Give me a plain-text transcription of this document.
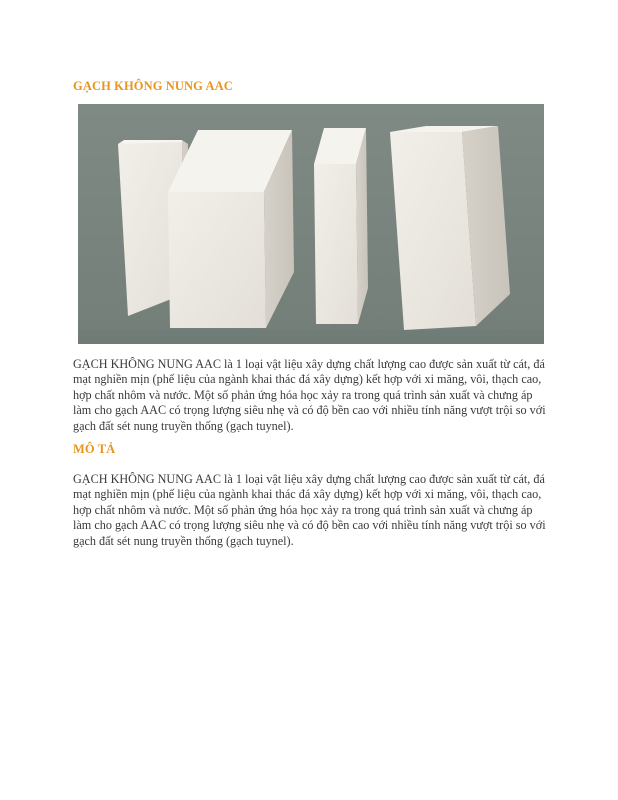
GẠCH KHÔNG NUNG AAC

GẠCH KHÔNG NUNG AAC là 1 loại vật liệu xây dựng chất lượng cao được sản xuất từ cát, đá mạt nghiền mịn (phế liệu của ngành khai thác đá xây dựng) kết hợp với xi măng, vôi, thạch cao, hợp chất nhôm và nước. Một số phản ứng hóa học xảy ra trong quá trình sản xuất và chưng áp làm cho gạch AAC có trọng lượng siêu nhẹ và có độ bền cao với nhiều tính năng vượt trội so với gạch đất sét nung truyền thống (gạch tuynel).

MÔ TẢ

GẠCH KHÔNG NUNG AAC là 1 loại vật liệu xây dựng chất lượng cao được sản xuất từ cát, đá mạt nghiền mịn (phế liệu của ngành khai thác đá xây dựng) kết hợp với xi măng, vôi, thạch cao, hợp chất nhôm và nước. Một số phản ứng hóa học xảy ra trong quá trình sản xuất và chưng áp làm cho gạch AAC có trọng lượng siêu nhẹ và có độ bền cao với nhiều tính năng vượt trội so với gạch đất sét nung truyền thống (gạch tuynel).
